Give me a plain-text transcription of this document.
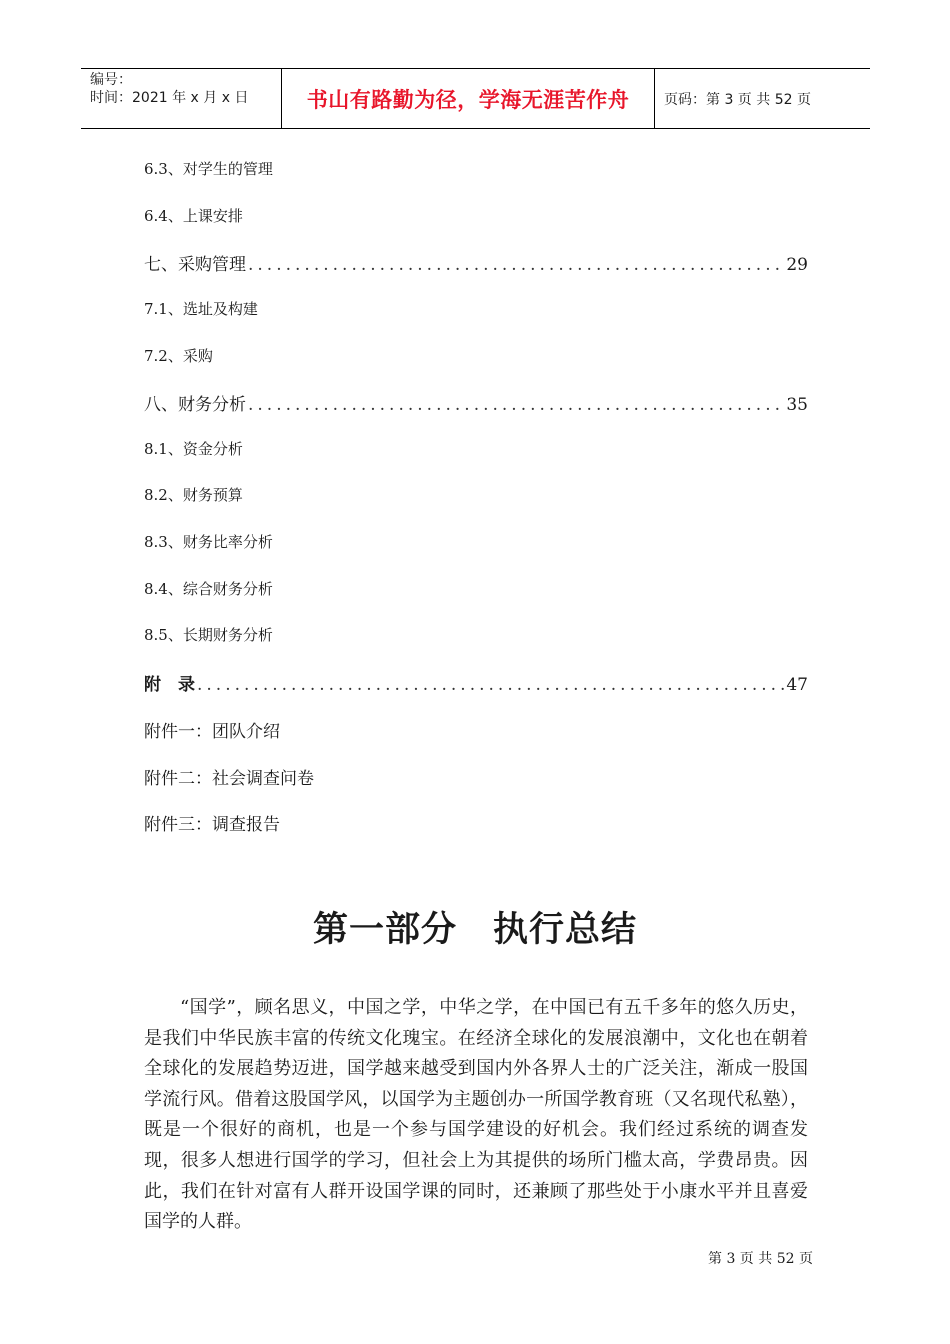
编号：
时间：2021 年 x 月 x 日	书山有路勤为径，学海无涯苦作舟	页码：第 3 页 共 52 页
6.3、对学生的管理
6.4、上课安排
七、采购管理 .....	29
7.1、选址及构建
7.2、采购
八、财务分析 .....	35
8.1、资金分析
8.2、财务预算
8.3、财务比率分析
8.4、综合财务分析
8.5、长期财务分析
附　录 .....	47
附件一：团队介绍
附件二：社会调查问卷
附件三：调查报告
第一部分　执行总结
“国学”，顾名思义，中国之学，中华之学，在中国已有五千多年的悠久历史，是我们中华民族丰富的传统文化瑰宝。在经济全球化的发展浪潮中，文化也在朝着全球化的发展趋势迈进，国学越来越受到国内外各界人士的广泛关注，渐成一股国学流行风。借着这股国学风，以国学为主题创办一所国学教育班（又名现代私塾），既是一个很好的商机，也是一个参与国学建设的好机会。我们经过系统的调查发现，很多人想进行国学的学习，但社会上为其提供的场所门槛太高，学费昂贵。因此，我们在针对富有人群开设国学课的同时，还兼顾了那些处于小康水平并且喜爱国学的人群。
第 3 页 共 52 页
